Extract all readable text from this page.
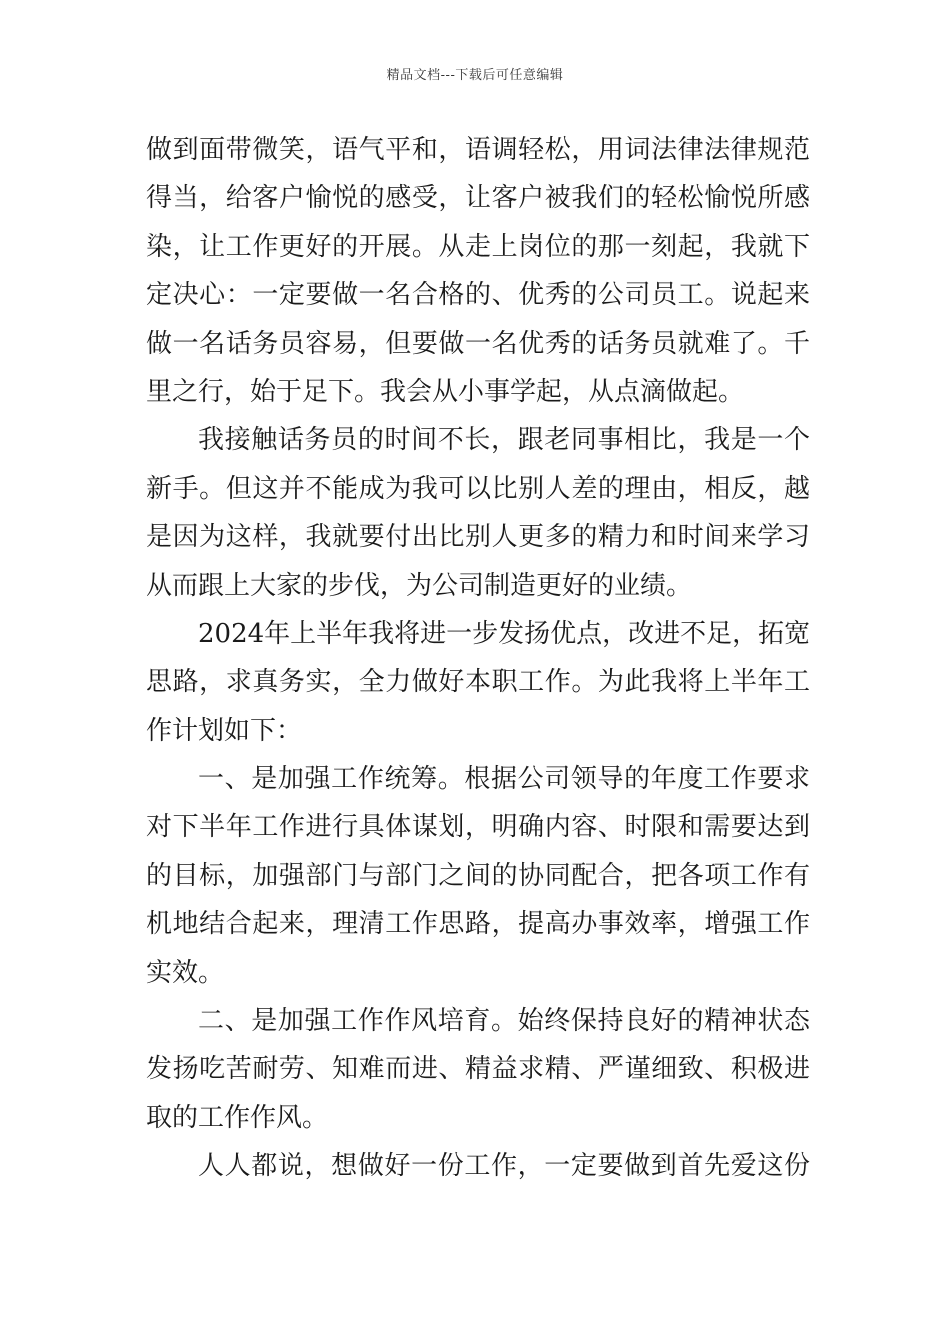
精品文档---下载后可任意编辑
做到面带微笑，语气平和，语调轻松，用词法律法律规范
得当，给客户愉悦的感受，让客户被我们的轻松愉悦所感
染，让工作更好的开展。从走上岗位的那一刻起，我就下
定决心：一定要做一名合格的、优秀的公司员工。说起来
做一名话务员容易，但要做一名优秀的话务员就难了。千
里之行，始于足下。我会从小事学起，从点滴做起。
我接触话务员的时间不长，跟老同事相比，我是一个
新手。但这并不能成为我可以比别人差的理由，相反，越
是因为这样，我就要付出比别人更多的精力和时间来学习
从而跟上大家的步伐，为公司制造更好的业绩。
2024年上半年我将进一步发扬优点，改进不足，拓宽
思路，求真务实，全力做好本职工作。为此我将上半年工
作计划如下：
一、是加强工作统筹。根据公司领导的年度工作要求
对下半年工作进行具体谋划，明确内容、时限和需要达到
的目标，加强部门与部门之间的协同配合，把各项工作有
机地结合起来，理清工作思路，提高办事效率，增强工作
实效。
二、是加强工作作风培育。始终保持良好的精神状态
发扬吃苦耐劳、知难而进、精益求精、严谨细致、积极进
取的工作作风。
人人都说，想做好一份工作，一定要做到首先爱这份
